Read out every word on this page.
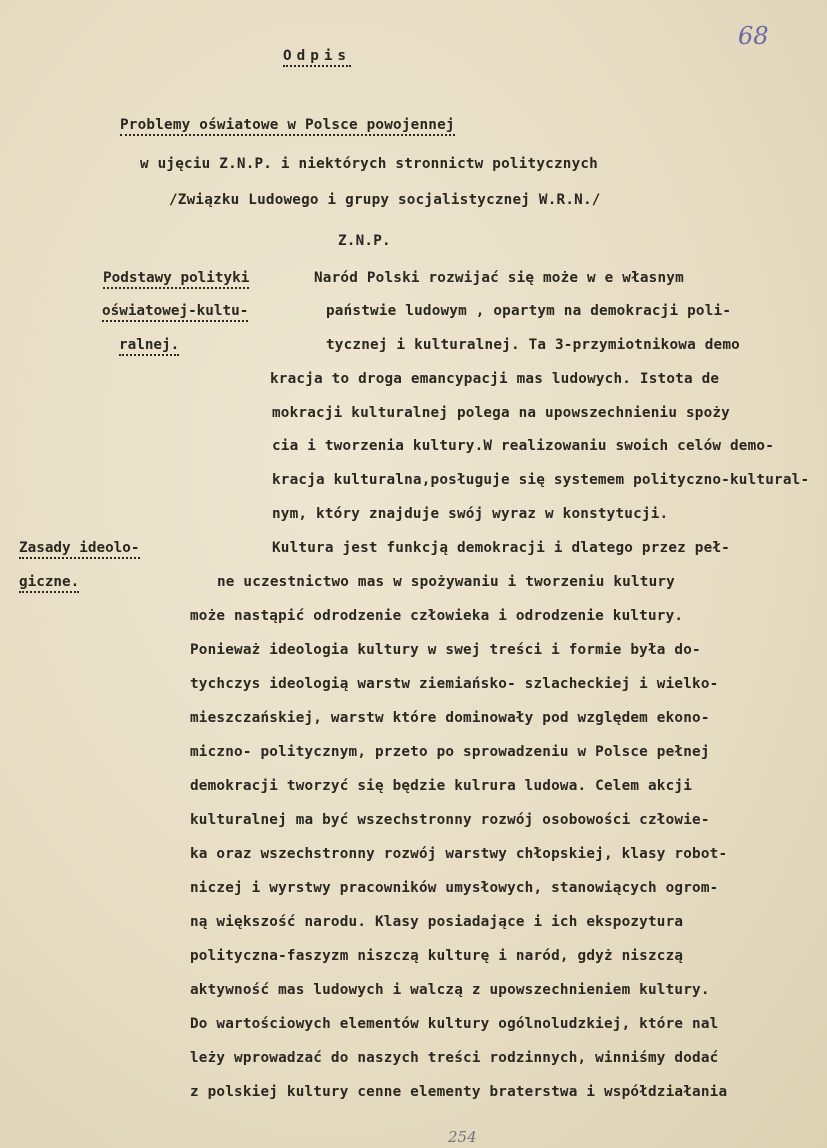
68
Odpis
Problemy oświatowe w Polsce powojennej
w ujęciu Z.N.P. i niektórych stronnictw politycznych
/Związku Ludowego i grupy socjalistycznej W.R.N./
Z.N.P.
Podstawy polityki
oświatowej-kultu-
ralnej.
Zasady ideolo-
giczne.
Naród Polski rozwijać się może w e własnym
państwie ludowym , opartym na demokracji poli-
tycznej i kulturalnej. Ta 3-przymiotnikowa demo
kracja to droga emancypacji mas ludowych. Istota de
mokracji kulturalnej polega na upowszechnieniu spoży
cia i tworzenia kultury.W realizowaniu swoich celów demo-
kracja kulturalna,posługuje się systemem polityczno-kultural-
nym, który znajduje swój wyraz w konstytucji.
Kultura jest funkcją demokracji i dlatego przez peł-
ne uczestnictwo mas w spożywaniu i tworzeniu kultury
może nastąpić odrodzenie człowieka i odrodzenie kultury.
Ponieważ ideologia kultury w swej treści i formie była do-
tychczys ideologią warstw ziemiańsko- szlacheckiej i wielko-
mieszczańskiej, warstw które dominowały pod względem ekono-
miczno- politycznym, przeto po sprowadzeniu w Polsce pełnej
demokracji tworzyć się będzie kulrura ludowa. Celem akcji
kulturalnej ma być wszechstronny rozwój osobowości człowie-
ka oraz wszechstronny rozwój warstwy chłopskiej, klasy robot-
niczej i wyrstwy pracowników umysłowych, stanowiących ogrom-
ną większość narodu. Klasy posiadające i ich ekspozytura
polityczna-faszyzm niszczą kulturę i naród, gdyż niszczą
aktywność mas ludowych i walczą z upowszechnieniem kultury.
Do wartościowych elementów kultury ogólnoludzkiej, które nal
leży wprowadzać do naszych treści rodzinnych, winniśmy dodać
z polskiej kultury cenne elementy braterstwa i współdziałania
254
